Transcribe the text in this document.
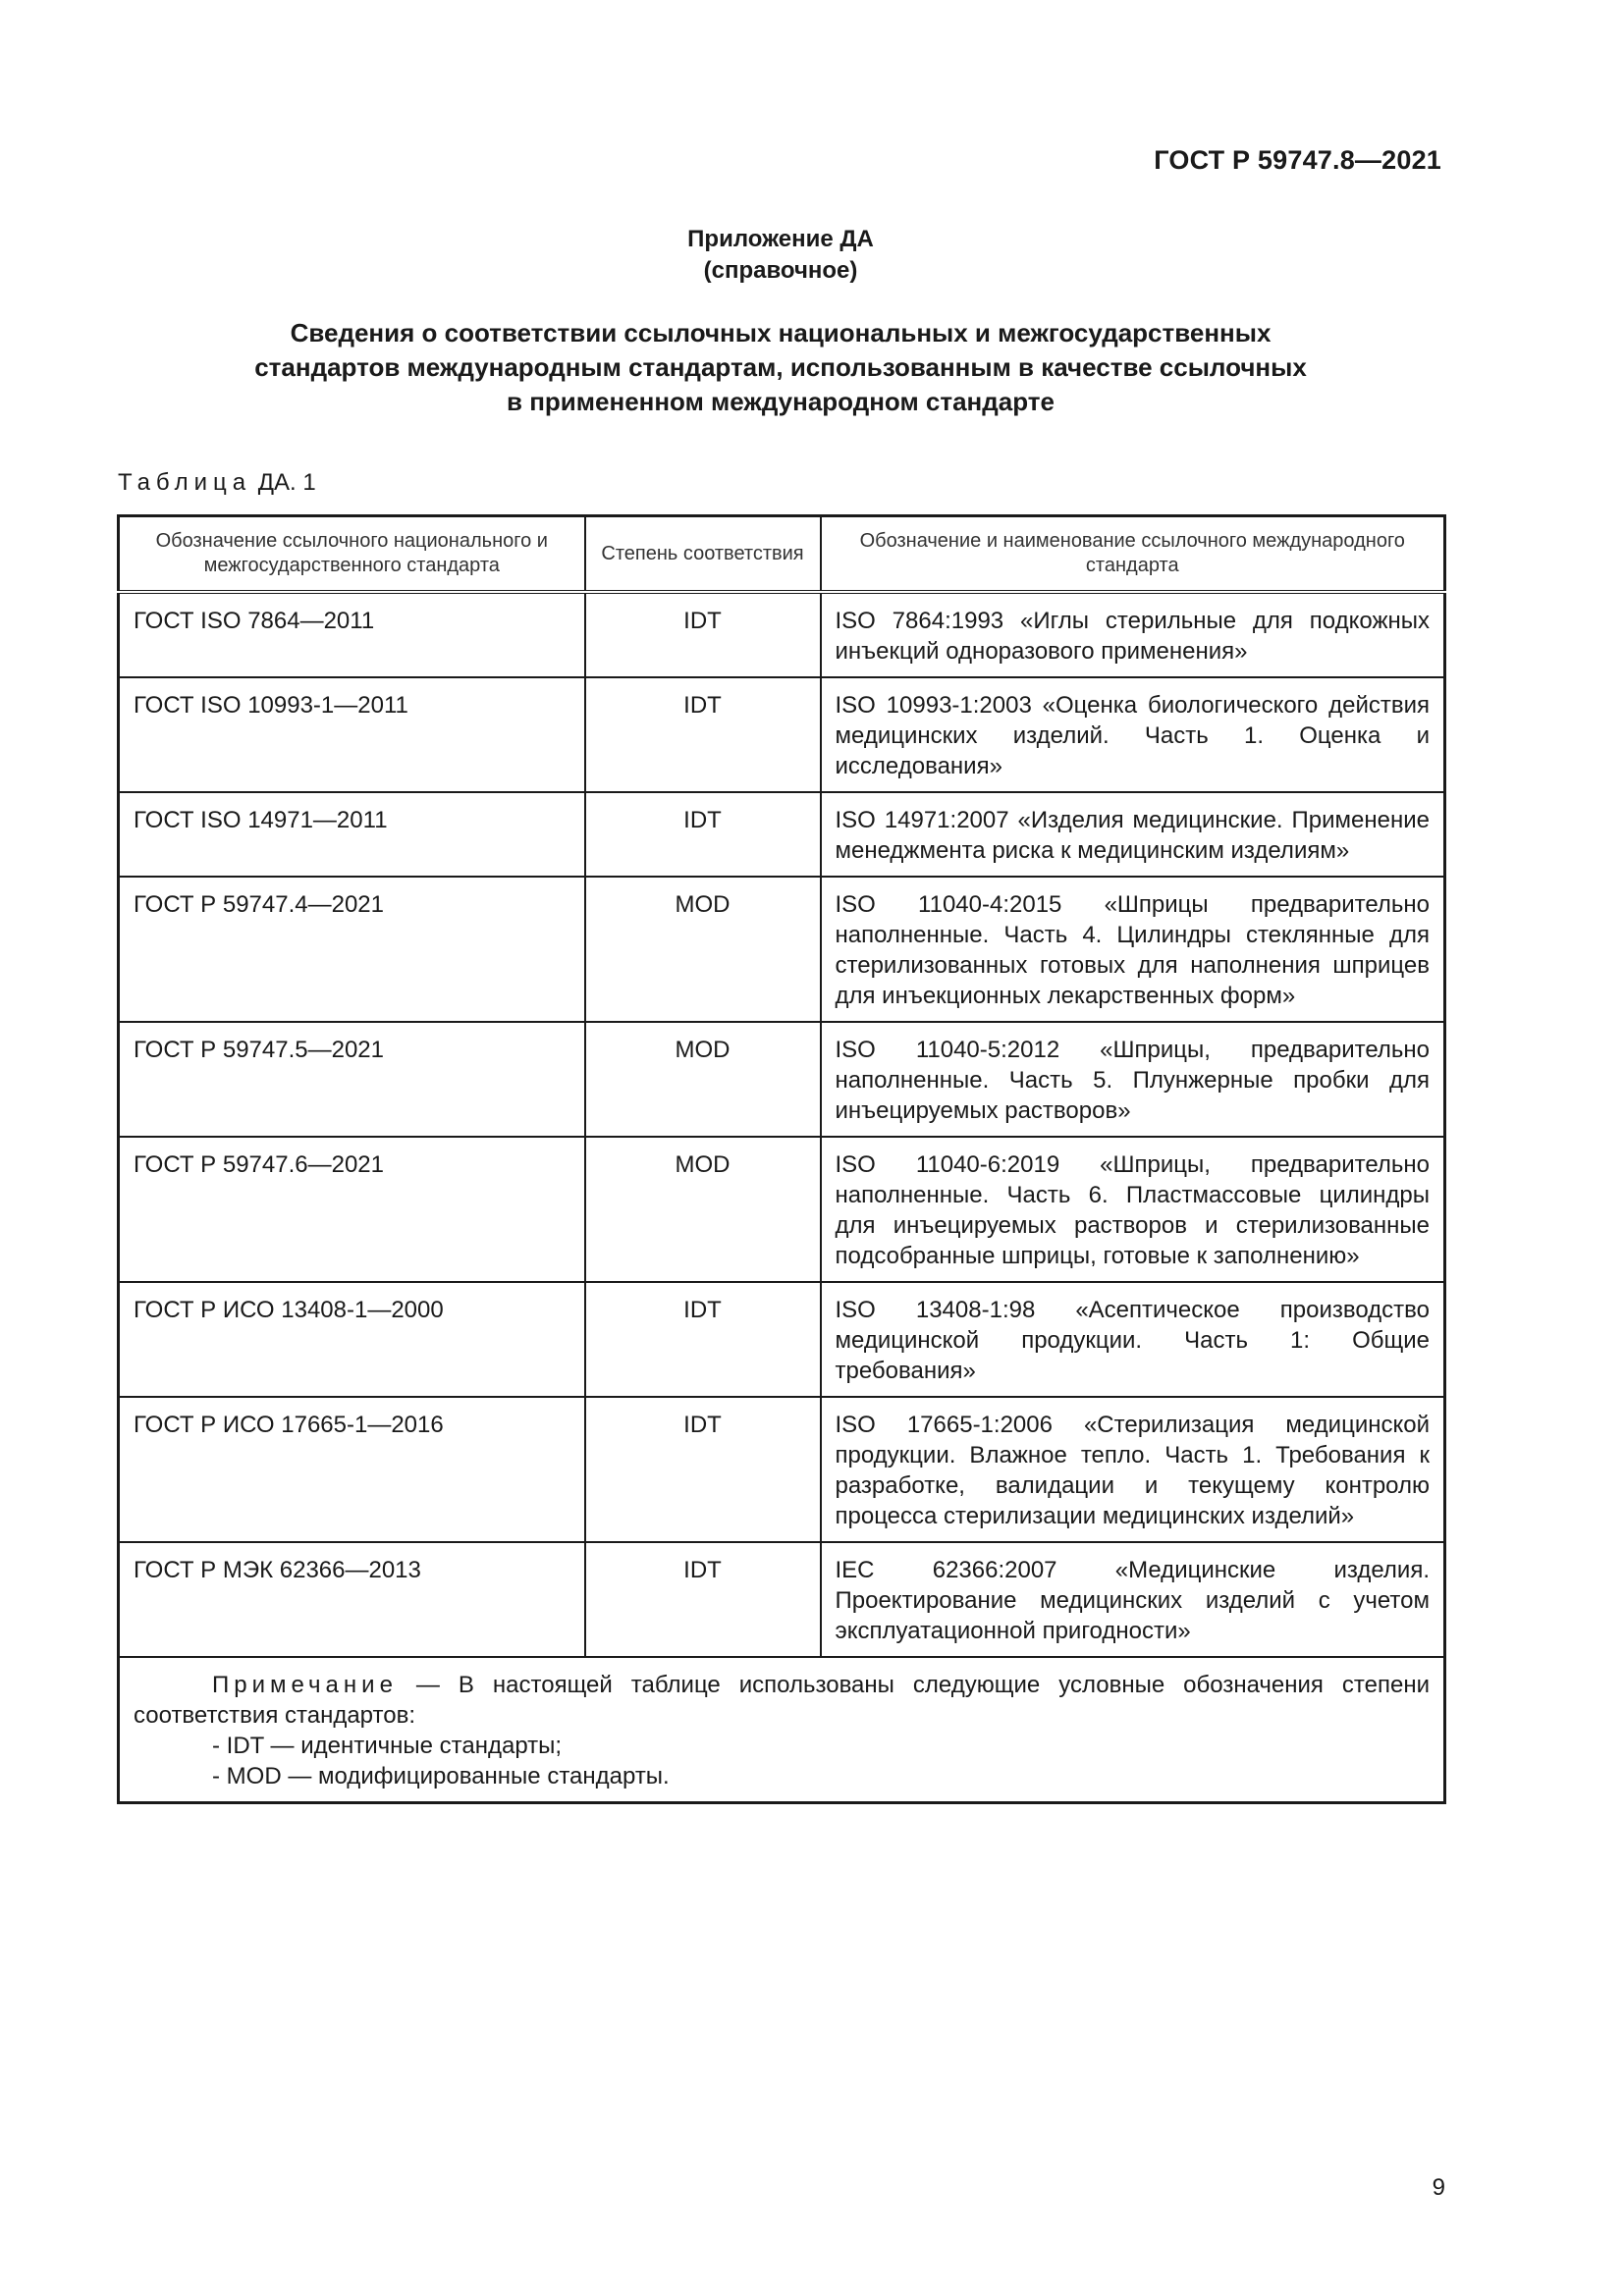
ГОСТ Р 59747.8—2021
Приложение ДА
(справочное)
Сведения о соответствии ссылочных национальных и межгосударственных
стандартов международным стандартам, использованным в качестве ссылочных
в примененном международном стандарте
Таблица ДА. 1
Обозначение ссылочного национального и межгосударственного стандарта	Степень соответствия	Обозначение и наименование ссылочного международного стандарта
ГОСТ ISO 7864—2011	IDT	ISO 7864:1993 «Иглы стерильные для подкожных инъекций одноразового применения»
ГОСТ ISO 10993-1—2011	IDT	ISO 10993-1:2003 «Оценка биологического действия медицинских изделий. Часть 1. Оценка и исследования»
ГОСТ ISO 14971—2011	IDT	ISO 14971:2007 «Изделия медицинские. Применение менеджмента риска к медицинским изделиям»
ГОСТ Р 59747.4—2021	MOD	ISO 11040-4:2015 «Шприцы предварительно наполненные. Часть 4. Цилиндры стеклянные для стерилизованных готовых для наполнения шприцев для инъекционных лекарственных форм»
ГОСТ Р 59747.5—2021	MOD	ISO 11040-5:2012 «Шприцы, предварительно наполненные. Часть 5. Плунжерные пробки для инъецируемых растворов»
ГОСТ Р 59747.6—2021	MOD	ISO 11040-6:2019 «Шприцы, предварительно наполненные. Часть 6. Пластмассовые цилиндры для инъецируемых растворов и стерилизованные подсобранные шприцы, готовые к заполнению»
ГОСТ Р ИСО 13408-1—2000	IDT	ISO 13408-1:98 «Асептическое производство медицинской продукции. Часть 1: Общие требования»
ГОСТ Р ИСО 17665-1—2016	IDT	ISO 17665-1:2006 «Стерилизация медицинской продукции. Влажное тепло. Часть 1. Требования к разработке, валидации и текущему контролю процесса стерилизации медицинских изделий»
ГОСТ Р МЭК 62366—2013	IDT	IEC 62366:2007 «Медицинские изделия. Проектирование медицинских изделий с учетом эксплуатационной пригодности»

Примечание — В настоящей таблице использованы следующие условные обозначения степени соответствия стандартов:

- IDT — идентичные стандарты;

- MOD — модифицированные стандарты.		

9
